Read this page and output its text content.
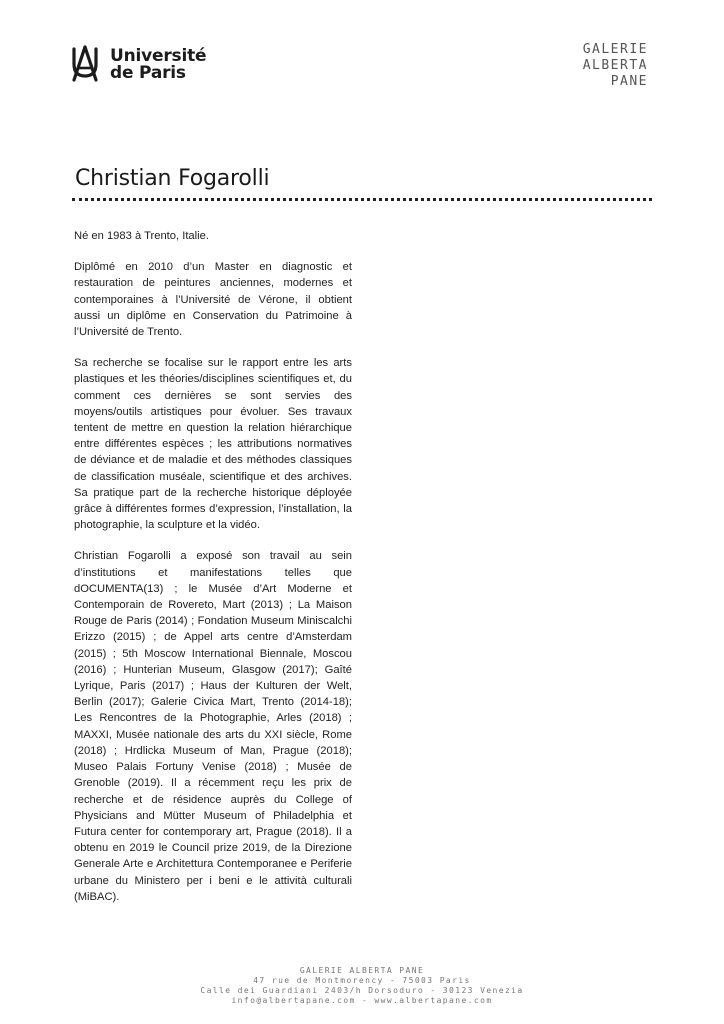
Université
de Paris
GALERIE
ALBERTA
PANE
Christian Fogarolli

Né en 1983 à Trento, Italie.

Diplômé en 2010 d’un Master en diagnostic et restauration de peintures anciennes, modernes et contemporaines à l’Université de Vérone, il obtient aussi un diplôme en Conservation du Patrimoine à l’Université de Trento.

Sa recherche se focalise sur le rapport entre les arts plastiques et les théories/disciplines scientifiques et, du comment ces dernières se sont servies des moyens/outils artistiques pour évoluer. Ses travaux tentent de mettre en question la relation hiérarchique entre différentes espèces ; les attributions normatives de déviance et de maladie et des méthodes classiques de classification muséale, scientifique et des archives. Sa pratique part de la recherche historique déployée grâce à différentes formes d’expression, l’installation, la photographie, la sculpture et la vidéo.

Christian Fogarolli a exposé son travail au sein d’institutions et manifestations telles que dOCUMENTA(13) ; le Musée d’Art Moderne et Contemporain de Rovereto, Mart (2013) ; La Maison Rouge de Paris (2014) ; Fondation Museum Miniscalchi Erizzo (2015) ; de Appel arts centre d’Amsterdam (2015) ; 5th Moscow International Biennale, Moscou (2016) ; Hunterian Museum, Glasgow (2017); Gaîté Lyrique, Paris (2017) ; Haus der Kulturen der Welt, Berlin (2017); Galerie Civica Mart, Trento (2014-18); Les Rencontres de la Photographie, Arles (2018) ; MAXXI, Musée nationale des arts du XXI siècle, Rome (2018) ; Hrdlicka Museum of Man, Prague (2018); Museo Palais Fortuny Venise (2018) ; Musée de Grenoble (2019). Il a récemment reçu les prix de recherche et de résidence auprès du College of Physicians and Mütter Museum of Philadelphia et Futura center for contemporary art, Prague (2018). Il a obtenu en 2019 le Council prize 2019, de la Direzione Generale Arte e Architettura Contemporanee e Periferie urbane du Ministero per i beni e le attività culturali (MiBAC).

GALERIE ALBERTA PANE
47 rue de Montmorency - 75003 Paris
Calle dei Guardiani 2403/h Dorsoduro - 30123 Venezia
info@albertapane.com - www.albertapane.com
